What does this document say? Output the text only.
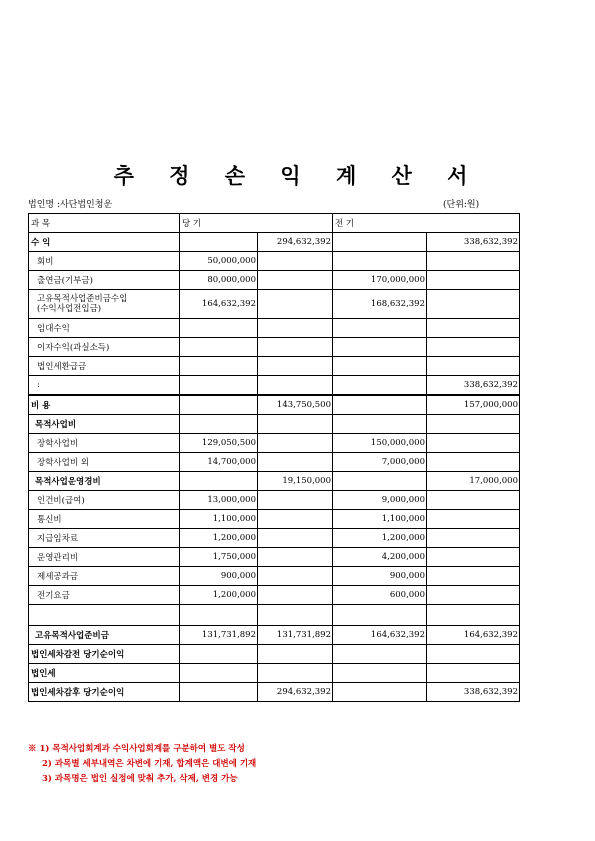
추 정 손 익 계 산 서
법인명 :사단법인청운	(단위:원)
과 목	당 기		전 기	
수 익		294,632,392		338,632,392
회비	50,000,000			
출연금(기부금)	80,000,000		170,000,000	
고유목적사업준비금수입
(수익사업전입금)	164,632,392		168,632,392	
임대수익				
이자수익(과실소득)				
법인세환급금				
:				338,632,392
비 용		143,750,500		157,000,000
목적사업비				
장학사업비	129,050,500		150,000,000	
장학사업비 외	14,700,000		7,000,000	
목적사업운영경비		19,150,000		17,000,000
인건비(급여)	13,000,000		9,000,000	
통신비	1,100,000		1,100,000	
지급임차료	1,200,000		1,200,000	
운영관리비	1,750,000		4,200,000	
제세공과금	900,000		900,000	
전기요금	1,200,000		600,000	

고유목적사업준비금	131,731,892	131,731,892	164,632,392	164,632,392
법인세차감전 당기순이익				
법인세				
법인세차감후 당기순이익		294,632,392		338,632,392
※ 1) 목적사업회계과 수익사업회계를 구분하여 별도 작성
2) 과목별 세부내역은 차변에 기재, 합계액은 대변에 기재
3) 과목명은 법인 실정에 맞춰 추가, 삭제, 변경 가능
